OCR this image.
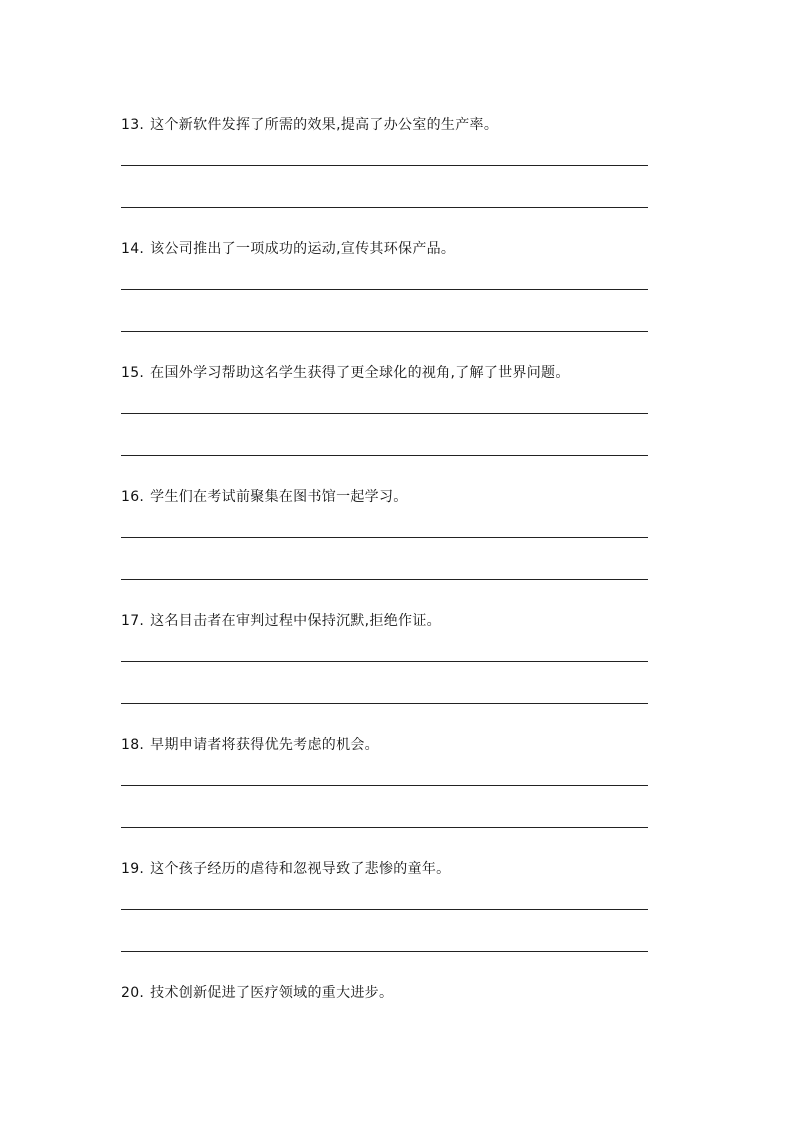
13. 这个新软件发挥了所需的效果,提高了办公室的生产率。
14. 该公司推出了一项成功的运动,宣传其环保产品。
15. 在国外学习帮助这名学生获得了更全球化的视角,了解了世界问题。
16. 学生们在考试前聚集在图书馆一起学习。
17. 这名目击者在审判过程中保持沉默,拒绝作证。
18. 早期申请者将获得优先考虑的机会。
19. 这个孩子经历的虐待和忽视导致了悲惨的童年。
20. 技术创新促进了医疗领域的重大进步。
